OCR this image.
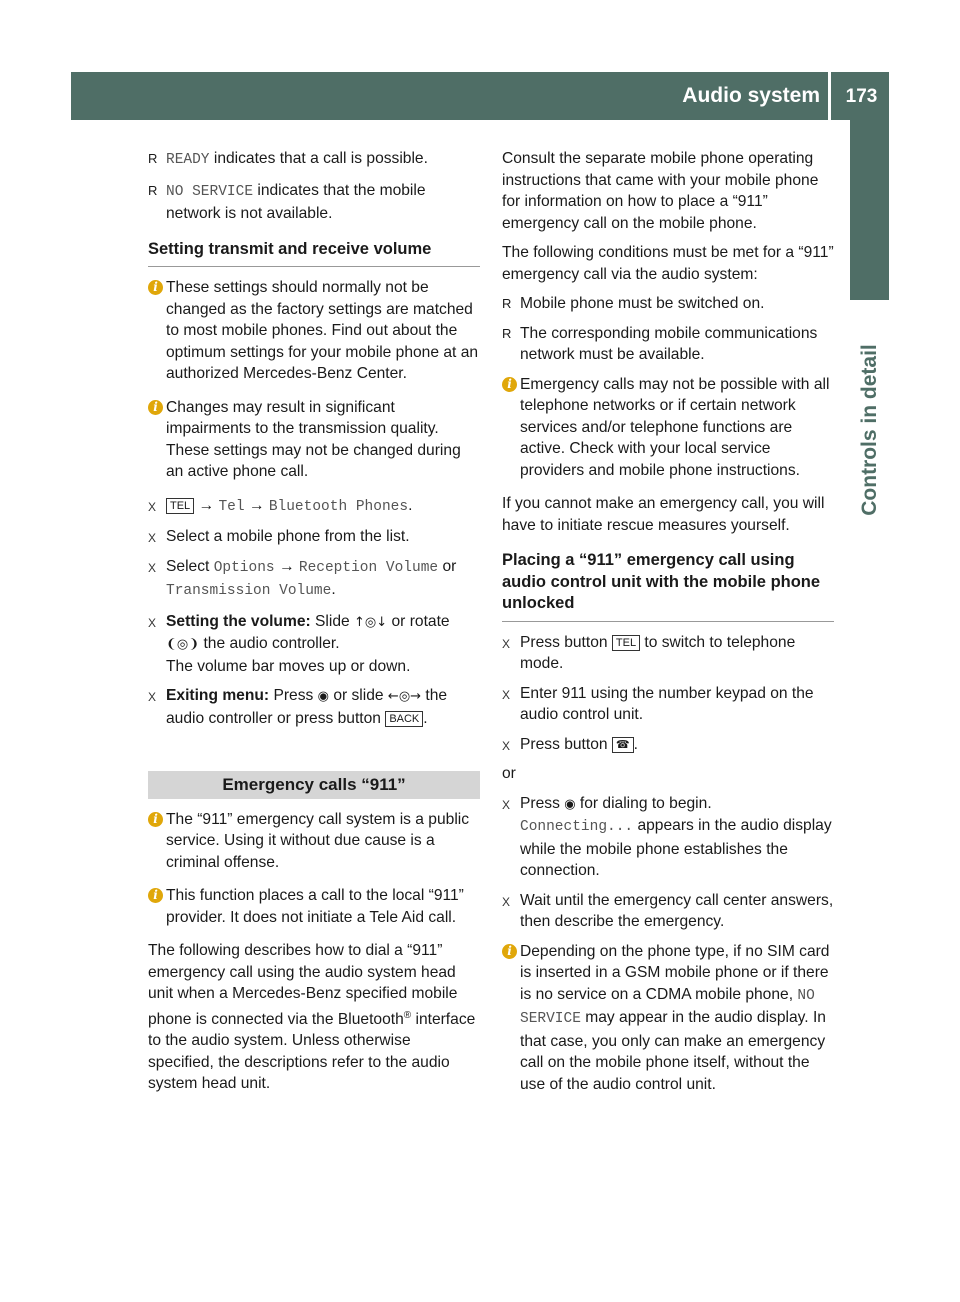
Audio system	173
Controls in detail
R READY indicates that a call is possible.
R NO SERVICE indicates that the mobile network is not available.
Setting transmit and receive volume
i These settings should normally not be changed as the factory settings are matched to most mobile phones. Find out about the optimum settings for your mobile phone at an authorized Mercedes-Benz Center.
i Changes may result in significant impairments to the transmission quality. These settings may not be changed during an active phone call.
X TEL → Tel → Bluetooth Phones.
X Select a mobile phone from the list.
X Select Options → Reception Volume or Transmission Volume.
X Setting the volume: Slide ↑◎↓ or rotate ❨◎❩ the audio controller.
The volume bar moves up or down.
X Exiting menu: Press ◉ or slide ←◎→ the audio controller or press button BACK .
Emergency calls “911”
i The “911” emergency call system is a public service. Using it without due cause is a criminal offense.
i This function places a call to the local “911” provider. It does not initiate a Tele Aid call.
The following describes how to dial a “911” emergency call using the audio system head unit when a Mercedes-Benz specified mobile phone is connected via the Bluetooth® interface to the audio system. Unless otherwise specified, the descriptions refer to the audio system head unit.
Consult the separate mobile phone operating instructions that came with your mobile phone for information on how to place a “911” emergency call on the mobile phone.
The following conditions must be met for a “911” emergency call via the audio system:
R Mobile phone must be switched on.
R The corresponding mobile communications network must be available.
i Emergency calls may not be possible with all telephone networks or if certain network services and/or telephone functions are active. Check with your local service providers and mobile phone instructions.
If you cannot make an emergency call, you will have to initiate rescue measures yourself.
Placing a “911” emergency call using audio control unit with the mobile phone unlocked
X Press button TEL to switch to telephone mode.
X Enter 911 using the number keypad on the audio control unit.
X Press button ☎ .
or
X Press ◉ for dialing to begin.
Connecting... appears in the audio display while the mobile phone establishes the connection.
X Wait until the emergency call center answers, then describe the emergency.
i Depending on the phone type, if no SIM card is inserted in a GSM mobile phone or if there is no service on a CDMA mobile phone, NO SERVICE may appear in the audio display. In that case, you only can make an emergency call on the mobile phone itself, without the use of the audio control unit.
